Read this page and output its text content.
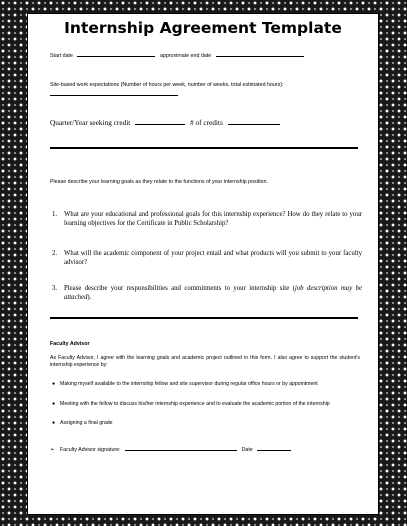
Internship Agreement Template
Start date	approximate end date
Site-based work expectations (Number of hours per week, number of weeks, total estimated hours):
Quarter/Year seeking credit	# of credits
Please describe your learning goals as they relate to the functions of your internship position.
1. What are your educational and professional goals for this internship experience? How do they relate to your learning objectives for the Certificate in Public Scholarship?
2. What will the academic component of your project entail and what products will you submit to your faculty advisor?
3. Please describe your responsibilities and commitments to your internship site (job description may be attached).
Faculty Advisor
As Faculty Advisor, I agree with the learning goals and academic project outlined in this form. I also agree to support the student's internship experience by:
● Making myself available to the internship fellow and site supervisor during regular office hours or by appointment
● Meeting with the fellow to discuss his/her internship experience and to evaluate the academic portion of the internship
● Assigning a final grade
➢ Faculty Advisor signature:	Date
